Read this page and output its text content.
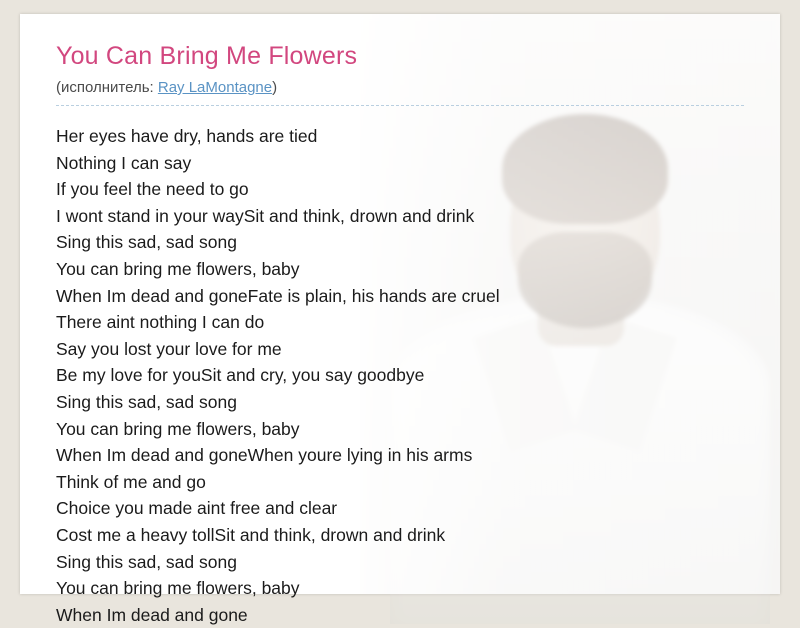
You Can Bring Me Flowers
(исполнитель: Ray LaMontagne)
Her eyes have dry, hands are tied
Nothing I can say
If you feel the need to go
I wont stand in your waySit and think, drown and drink
Sing this sad, sad song
You can bring me flowers, baby
When Im dead and goneFate is plain, his hands are cruel
There aint nothing I can do
Say you lost your love for me
Be my love for youSit and cry, you say goodbye
Sing this sad, sad song
You can bring me flowers, baby
When Im dead and goneWhen youre lying in his arms
Think of me and go
Choice you made aint free and clear
Cost me a heavy tollSit and think, drown and drink
Sing this sad, sad song
You can bring me flowers, baby
When Im dead and gone
